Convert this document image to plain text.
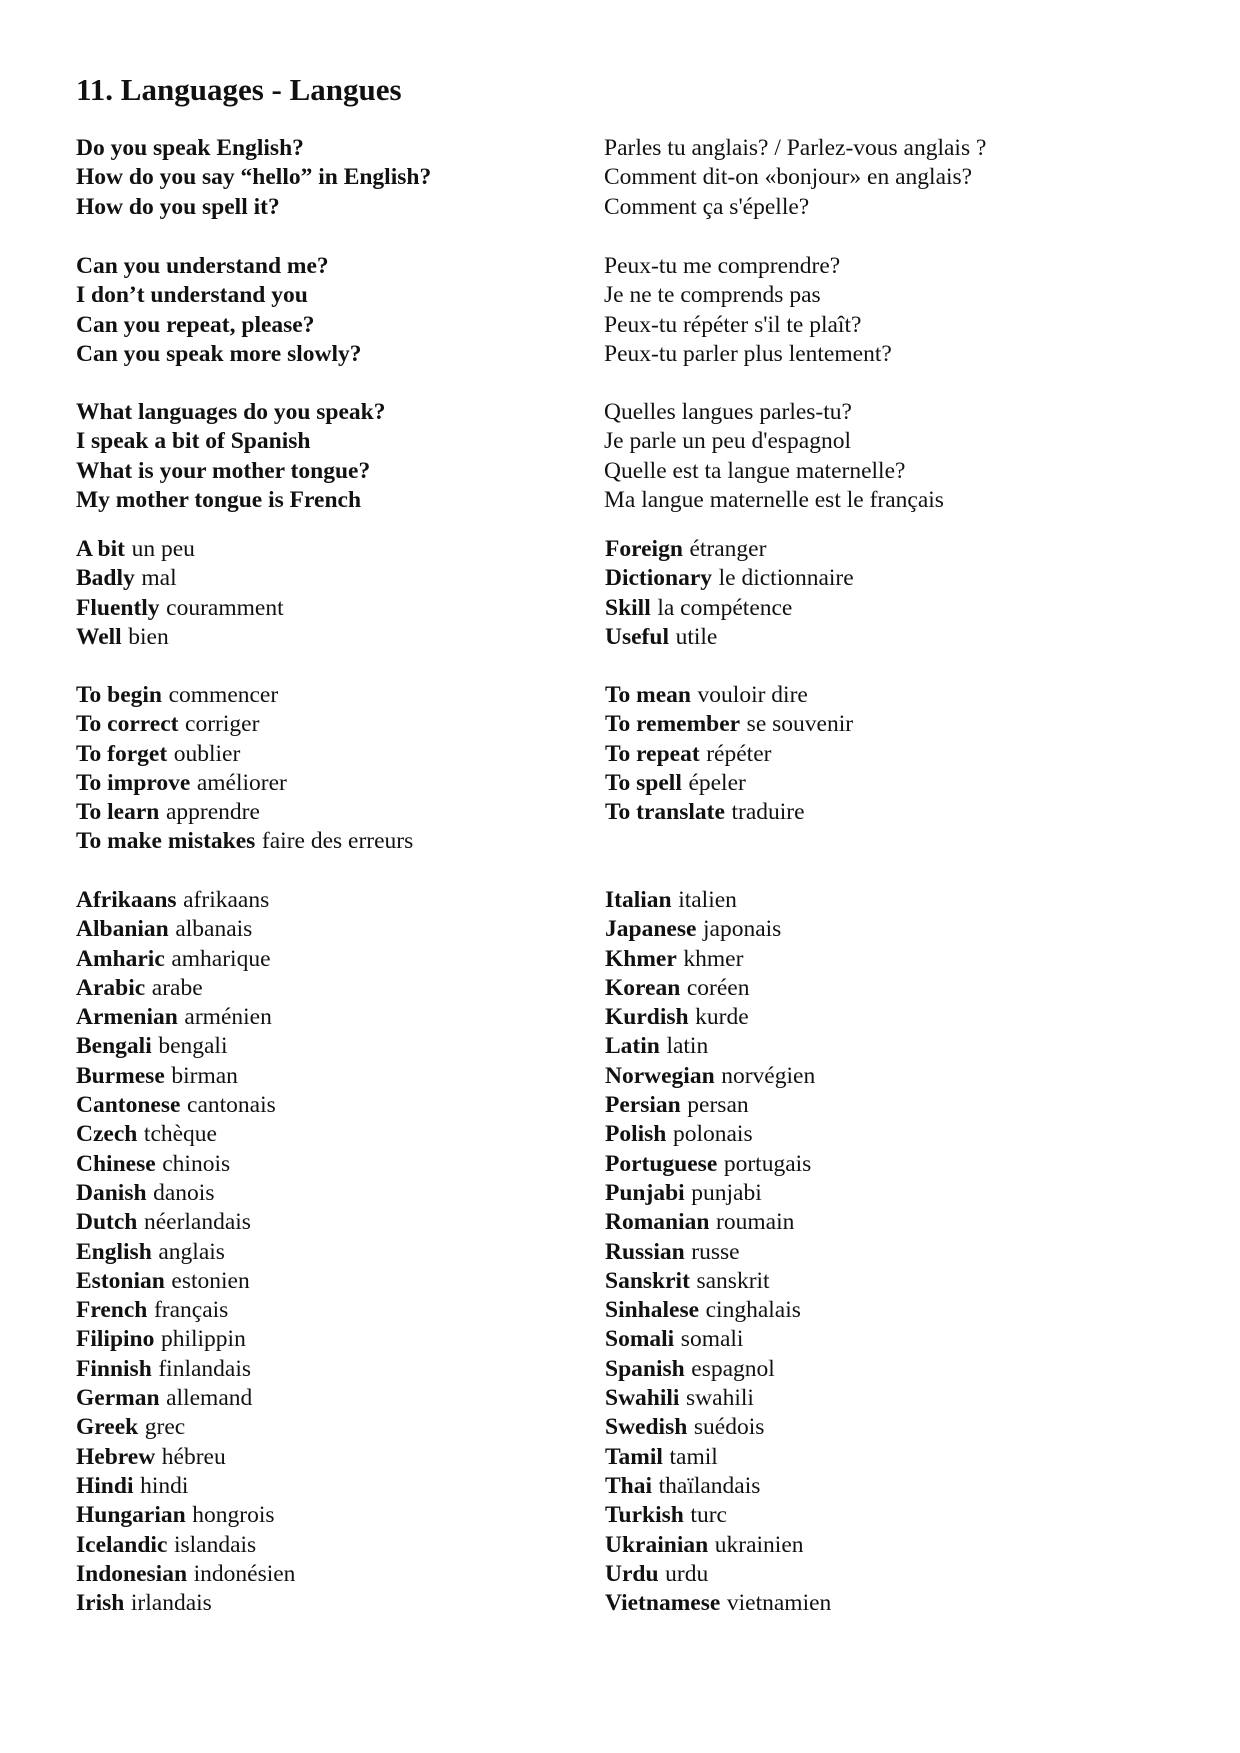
11. Languages - Langues
Do you speak English?
How do you say “hello” in English?
How do you spell it?
Parles tu anglais? / Parlez-vous anglais ?
Comment dit-on «bonjour» en anglais?
Comment ça s'épelle?
Can you understand me?
I don’t understand you
Can you repeat, please?
Can you speak more slowly?
Peux-tu me comprendre?
Je ne te comprends pas
Peux-tu répéter s'il te plaît?
Peux-tu parler plus lentement?
What languages do you speak?
I speak a bit of Spanish
What is your mother tongue?
My mother tongue is French
Quelles langues parles-tu?
Je parle un peu d'espagnol
Quelle est ta langue maternelle?
Ma langue maternelle est le français
A bit un peu
Badly mal
Fluently couramment
Well bien
Foreign étranger
Dictionary le dictionnaire
Skill la compétence
Useful utile
To begin commencer
To correct corriger
To forget oublier
To improve améliorer
To learn apprendre
To make mistakes faire des erreurs
To mean vouloir dire
To remember se souvenir
To repeat répéter
To spell épeler
To translate traduire
Afrikaans afrikaans
Albanian albanais
Amharic amharique
Arabic arabe
Armenian arménien
Bengali bengali
Burmese birman
Cantonese cantonais
Czech tchèque
Chinese chinois
Danish danois
Dutch néerlandais
English anglais
Estonian estonien
French français
Filipino philippin
Finnish finlandais
German allemand
Greek grec
Hebrew hébreu
Hindi hindi
Hungarian hongrois
Icelandic islandais
Indonesian indonésien
Irish irlandais
Italian italien
Japanese japonais
Khmer khmer
Korean coréen
Kurdish kurde
Latin latin
Norwegian norvégien
Persian persan
Polish polonais
Portuguese portugais
Punjabi punjabi
Romanian roumain
Russian russe
Sanskrit sanskrit
Sinhalese cinghalais
Somali somali
Spanish espagnol
Swahili swahili
Swedish suédois
Tamil tamil
Thai thaïlandais
Turkish turc
Ukrainian ukrainien
Urdu urdu
Vietnamese vietnamien
